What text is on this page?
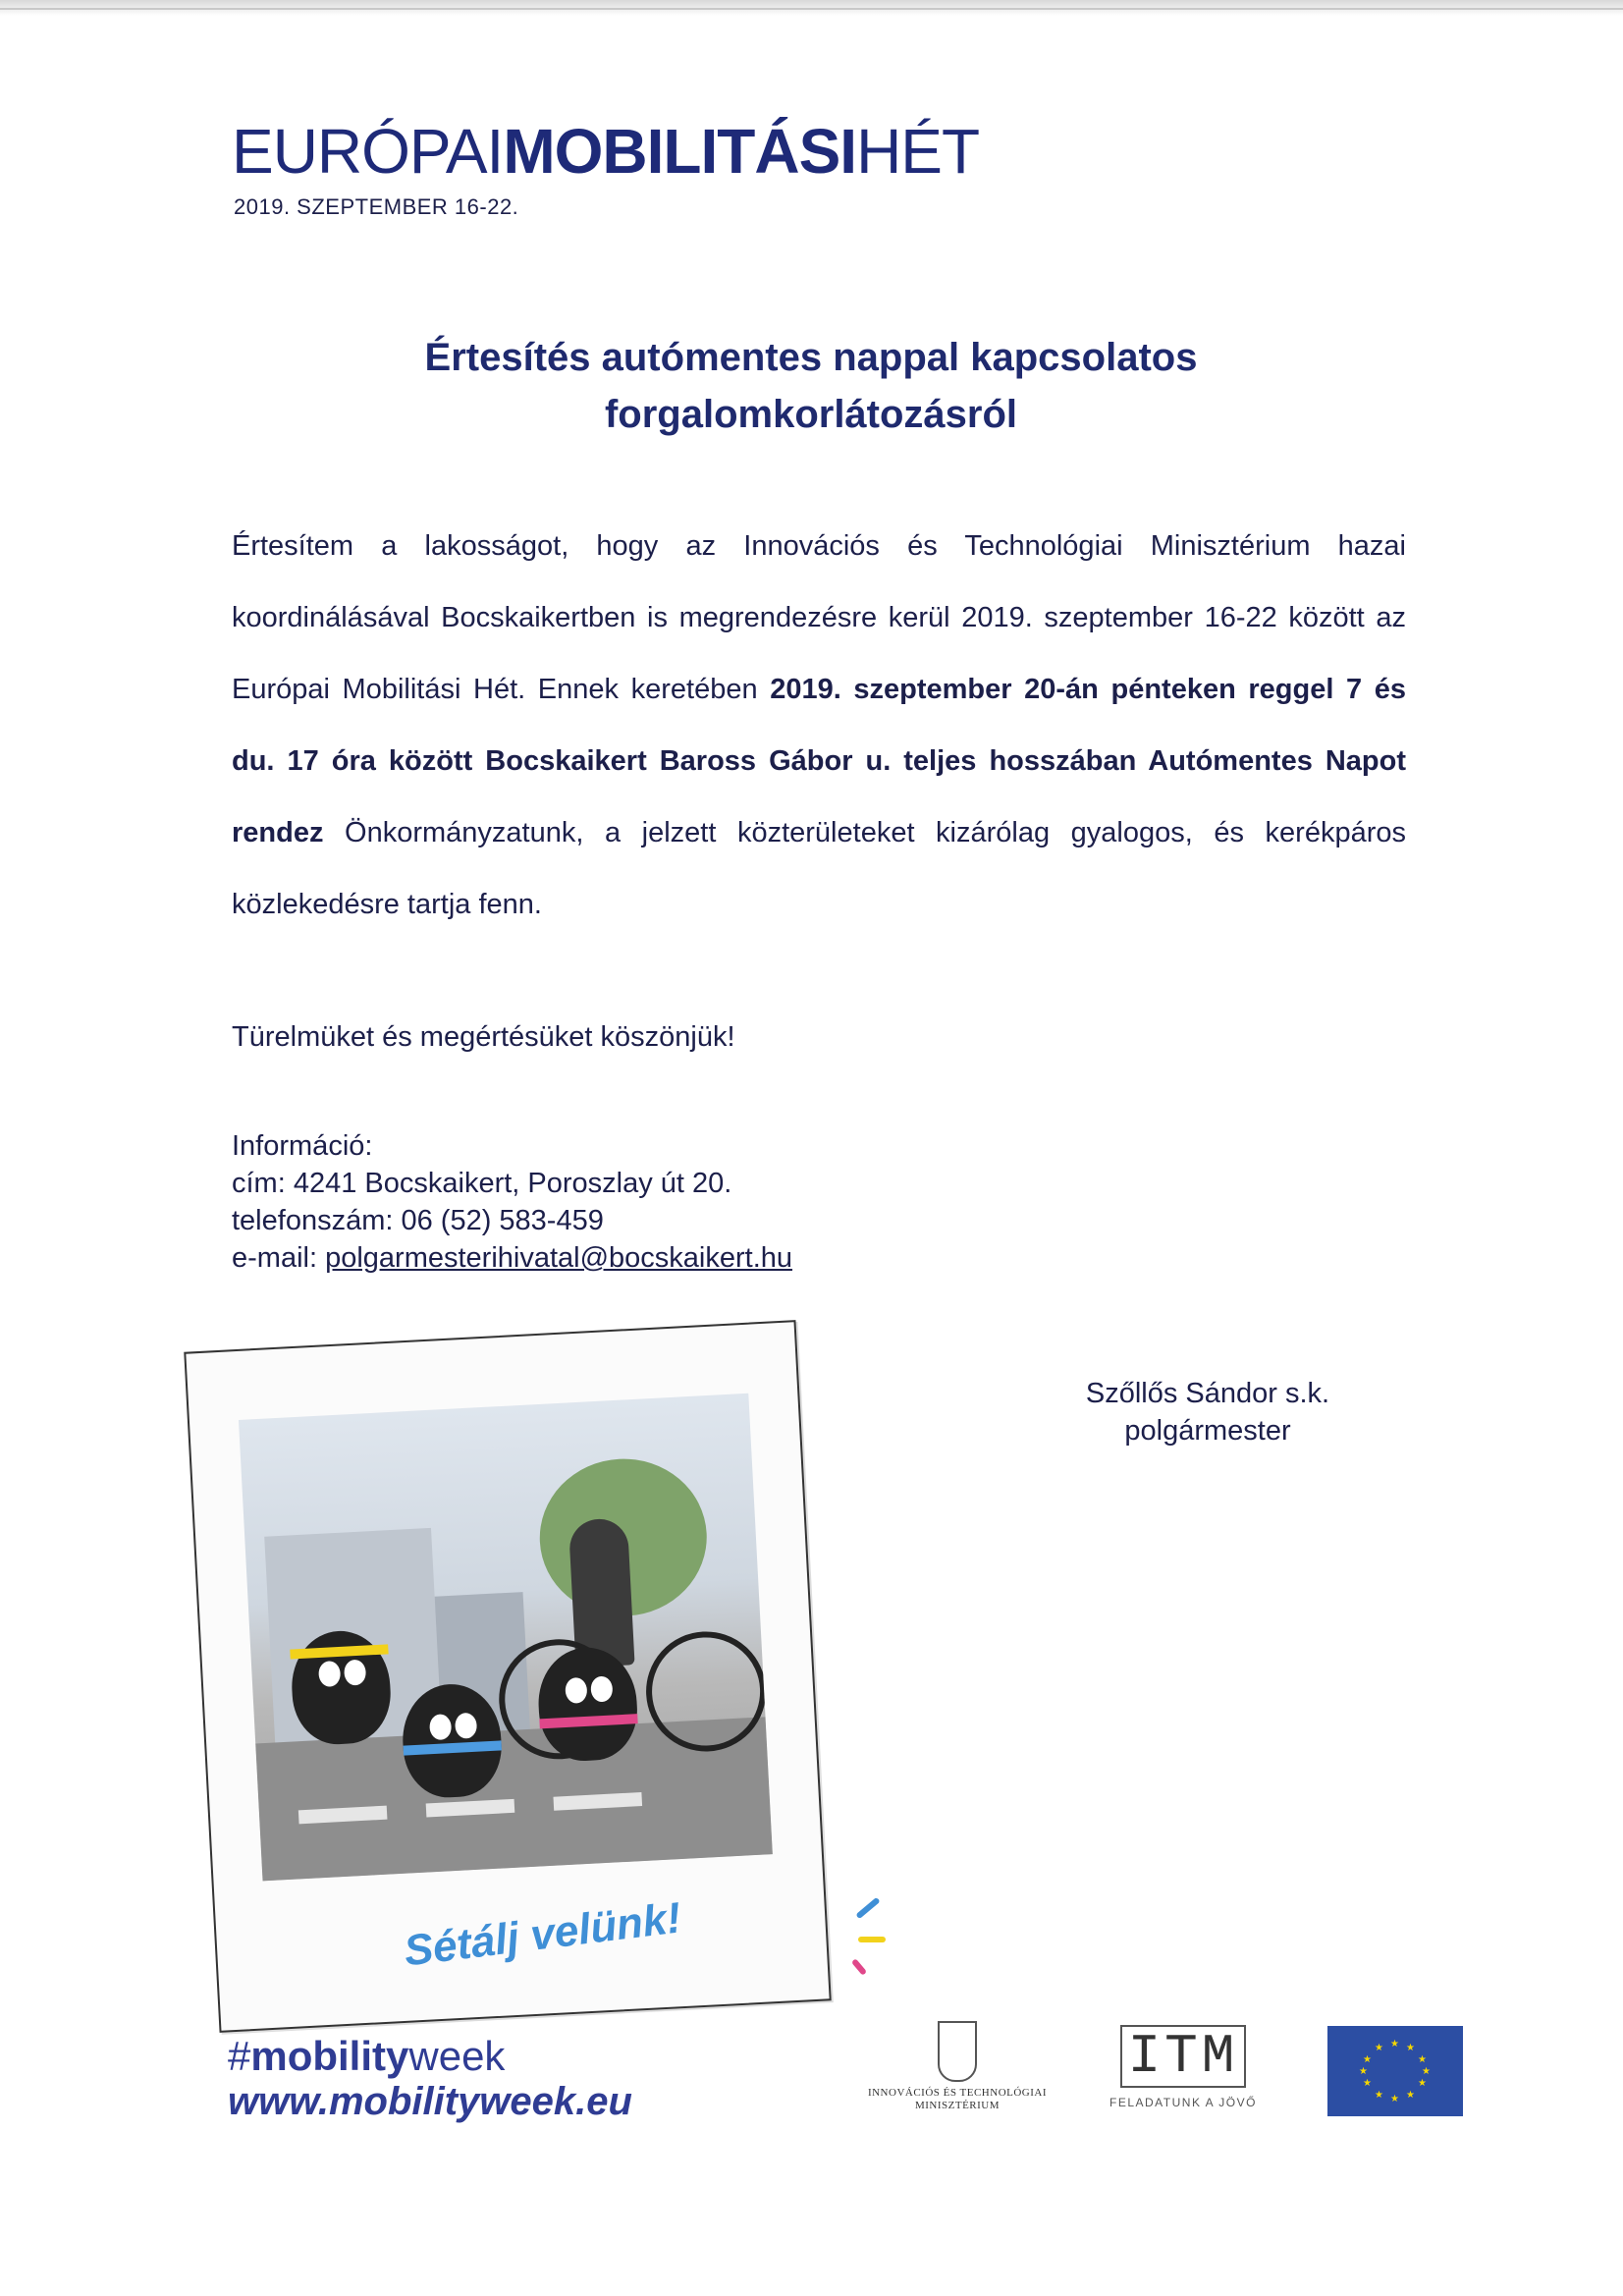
EURÓPAIMOBILITÁSIHÉT
2019. SZEPTEMBER 16-22.
Értesítés autómentes nappal kapcsolatos
forgalomkorlátozásról
Értesítem a lakosságot, hogy az Innovációs és Technológiai Minisztérium hazai koordinálásával Bocskaikertben is megrendezésre kerül 2019. szeptember 16-22 között az Európai Mobilitási Hét. Ennek keretében 2019. szeptember 20-án pénteken reggel 7 és du. 17 óra között Bocskaikert Baross Gábor u. teljes hosszában Autómentes Napot rendez Önkormányzatunk, a jelzett közterületeket kizárólag gyalogos, és kerékpáros közlekedésre tartja fenn.
Türelmüket és megértésüket köszönjük!
Információ:
cím: 4241 Bocskaikert, Poroszlay út 20.
telefonszám: 06 (52) 583-459
e-mail: polgarmesterihivatal@bocskaikert.hu
Szőllős Sándor s.k.
polgármester
Sétálj velünk!
#mobilityweek
www.mobilityweek.eu	INNOVÁCIÓS ÉS TECHNOLÓGIAI
MINISZTÉRIUM
ITM
FELADATUNK A JÖVŐ
★ ★
★
★
★
★
★
★
★
★
★
★
